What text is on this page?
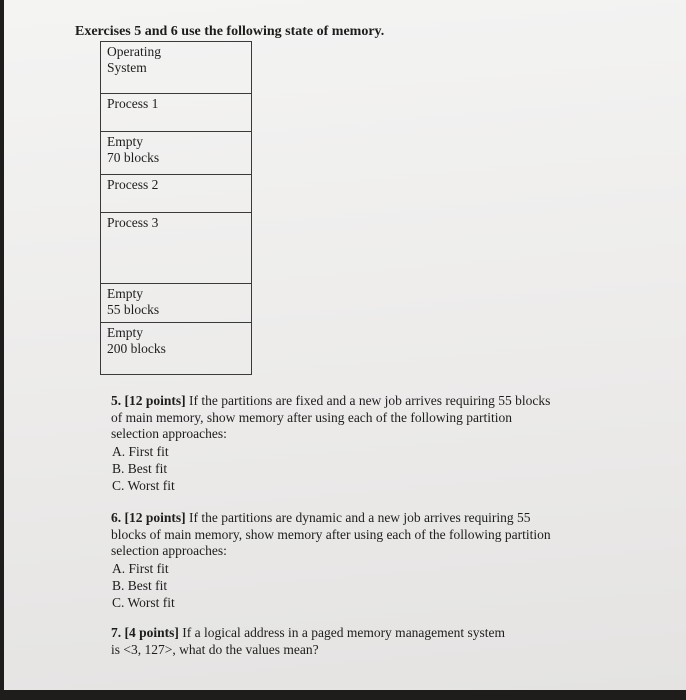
Exercises 5 and 6 use the following state of memory.
Operating
System
Process 1
Empty
70 blocks
Process 2
Process 3
Empty
55 blocks
Empty
200 blocks
5. [12 points] If the partitions are fixed and a new job arrives requiring 55 blocks
of main memory, show memory after using each of the following partition
selection approaches:
A. First fit
B. Best fit
C. Worst fit
6. [12 points] If the partitions are dynamic and a new job arrives requiring 55
blocks of main memory, show memory after using each of the following partition
selection approaches:
A. First fit
B. Best fit
C. Worst fit
7. [4 points] If a logical address in a paged memory management system
is <3, 127>, what do the values mean?
